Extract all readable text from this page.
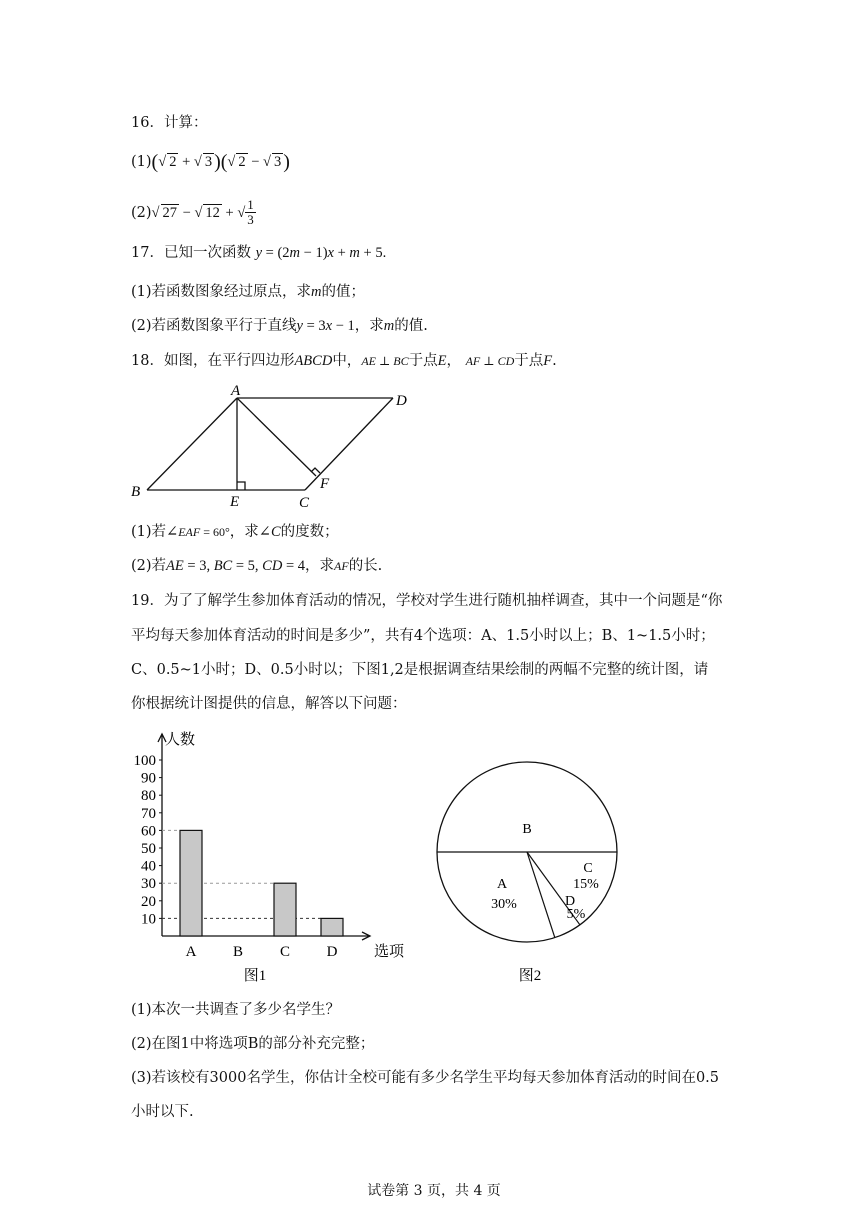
16．计算：
(1)(√ 2 + √ 3 )(√ 2 − √ 3 )
(2)√ 27 − √ 12 + √ $\frac{1}{3}$
17．已知一次函数 y = (2m − 1)x + m + 5.
(1)若函数图象经过原点，求m的值；
(2)若函数图象平行于直线y = 3x − 1，求m的值.
18．如图，在平行四边形ABCD中，AE ⊥ BC于点E， AF ⊥ CD于点F.
A
B
C
D
E
F
(1)若∠EAF = 60°，求∠C的度数；
(2)若AE = 3, BC = 5, CD = 4，求AF的长.
19．为了了解学生参加体育活动的情况，学校对学生进行随机抽样调查，其中一个问题是“你
平均每天参加体育活动的时间是多少”，共有4个选项：A、1.5小时以上；B、1~1.5小时；
C、0.5~1小时；D、0.5小时以；下图1,2是根据调查结果绘制的两幅不完整的统计图，请
你根据统计图提供的信息，解答以下问题：
人数
选项
10
20
30
40
50
60
70
80
90
100
A B C D
图1
B
C
15%
D
5%
A
30%
图2
(1)本次一共调查了多少名学生？
(2)在图1中将选项B的部分补充完整；
(3)若该校有3000名学生，你估计全校可能有多少名学生平均每天参加体育活动的时间在0.5
小时以下.
试卷第 3 页，共 4 页
